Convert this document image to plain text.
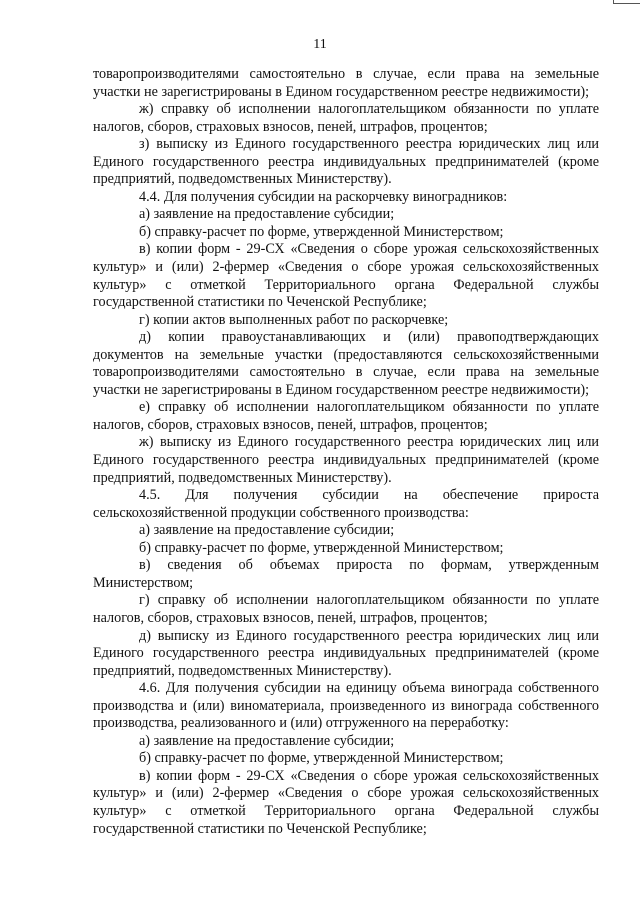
11

товаропроизводителями самостоятельно в случае, если права на земельные участки не зарегистрированы в Едином государственном реестре недвижимости);

ж) справку об исполнении налогоплательщиком обязанности по уплате налогов, сборов, страховых взносов, пеней, штрафов, процентов;

з) выписку из Единого государственного реестра юридических лиц или Единого государственного реестра индивидуальных предпринимателей (кроме предприятий, подведомственных Министерству).

4.4. Для получения субсидии на раскорчевку виноградников:

а) заявление на предоставление субсидии;

б) справку-расчет по форме, утвержденной Министерством;

в) копии форм - 29-СХ «Сведения о сборе урожая сельскохозяйственных культур» и (или) 2-фермер «Сведения о сборе урожая сельскохозяйственных культур» с отметкой Территориального органа Федеральной службы государственной статистики по Чеченской Республике;

г) копии актов выполненных работ по раскорчевке;

д) копии правоустанавливающих и (или) правоподтверждающих документов на земельные участки (предоставляются сельскохозяйственными товаропроизводителями самостоятельно в случае, если права на земельные участки не зарегистрированы в Едином государственном реестре недвижимости);

е) справку об исполнении налогоплательщиком обязанности по уплате налогов, сборов, страховых взносов, пеней, штрафов, процентов;

ж) выписку из Единого государственного реестра юридических лиц или Единого государственного реестра индивидуальных предпринимателей (кроме предприятий, подведомственных Министерству).

4.5. Для получения субсидии на обеспечение прироста сельскохозяйственной продукции собственного производства:

а) заявление на предоставление субсидии;

б) справку-расчет по форме, утвержденной Министерством;

в) сведения об объемах прироста по формам, утвержденным Министерством;

г) справку об исполнении налогоплательщиком обязанности по уплате налогов, сборов, страховых взносов, пеней, штрафов, процентов;

д) выписку из Единого государственного реестра юридических лиц или Единого государственного реестра индивидуальных предпринимателей (кроме предприятий, подведомственных Министерству).

4.6. Для получения субсидии на единицу объема винограда собственного производства и (или) виноматериала, произведенного из винограда собственного производства, реализованного и (или) отгруженного на переработку:

а) заявление на предоставление субсидии;

б) справку-расчет по форме, утвержденной Министерством;

в) копии форм - 29-СХ «Сведения о сборе урожая сельскохозяйственных культур» и (или) 2-фермер «Сведения о сборе урожая сельскохозяйственных культур» с отметкой Территориального органа Федеральной службы государственной статистики по Чеченской Республике;
